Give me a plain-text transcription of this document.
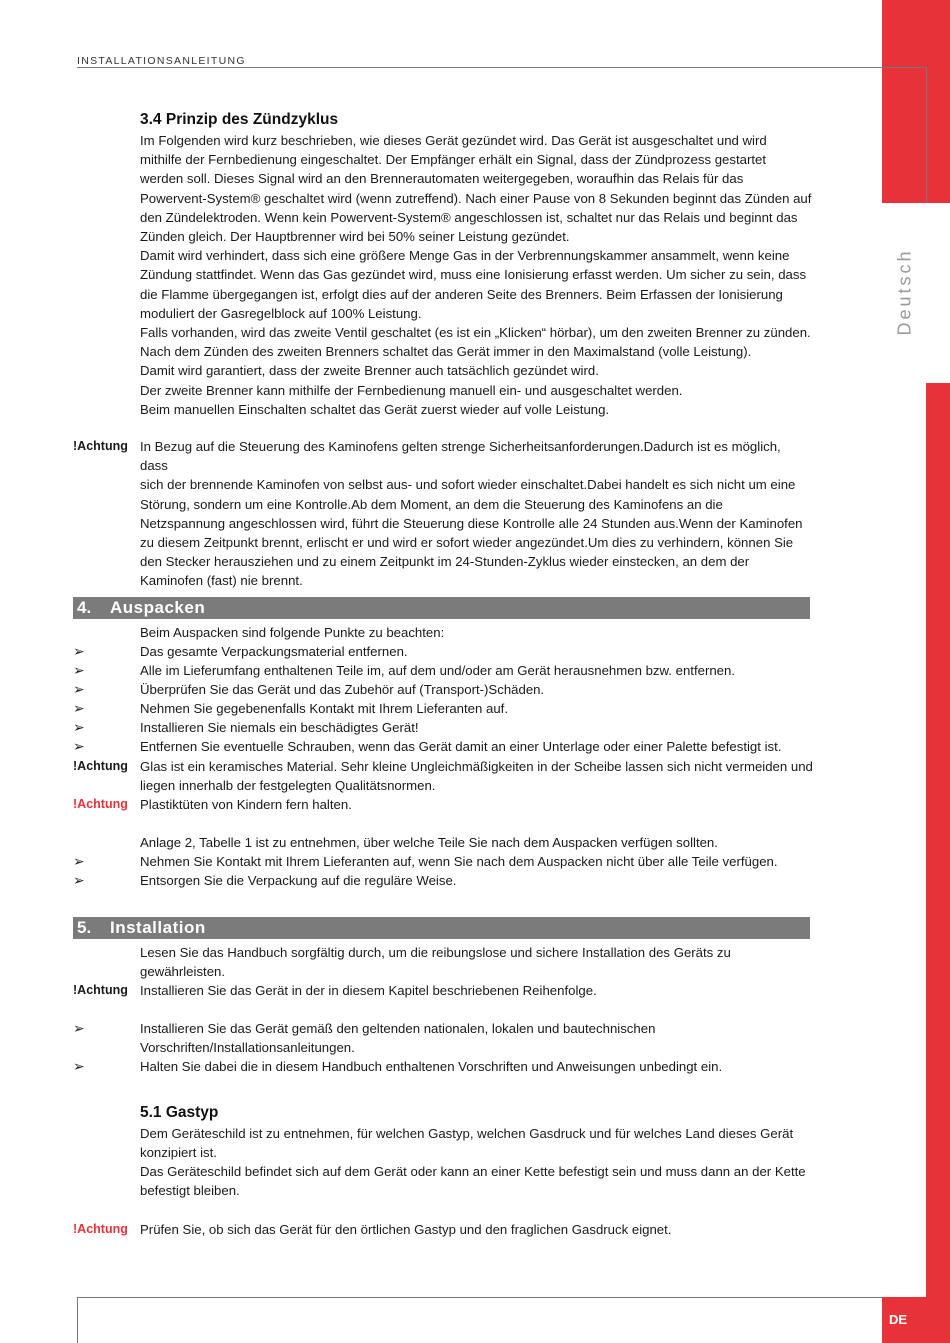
Deutsch
INSTALLATIONSANLEITUNG
3.4 Prinzip des Zündzyklus
Im Folgenden wird kurz beschrieben, wie dieses Gerät gezündet wird. Das Gerät ist ausgeschaltet und wird
mithilfe der Fernbedienung eingeschaltet. Der Empfänger erhält ein Signal, dass der Zündprozess gestartet
werden soll. Dieses Signal wird an den Brennerautomaten weitergegeben, woraufhin das Relais für das
Powervent-System® geschaltet wird (wenn zutreffend). Nach einer Pause von 8 Sekunden beginnt das Zünden auf
den Zündelektroden. Wenn kein Powervent-System® angeschlossen ist, schaltet nur das Relais und beginnt das
Zünden gleich. Der Hauptbrenner wird bei 50% seiner Leistung gezündet.
Damit wird verhindert, dass sich eine größere Menge Gas in der Verbrennungskammer ansammelt, wenn keine
Zündung stattfindet. Wenn das Gas gezündet wird, muss eine Ionisierung erfasst werden. Um sicher zu sein, dass
die Flamme übergegangen ist, erfolgt dies auf der anderen Seite des Brenners. Beim Erfassen der Ionisierung
moduliert der Gasregelblock auf 100% Leistung.
Falls vorhanden, wird das zweite Ventil geschaltet (es ist ein „Klicken“ hörbar), um den zweiten Brenner zu zünden.
Nach dem Zünden des zweiten Brenners schaltet das Gerät immer in den Maximalstand (volle Leistung).
Damit wird garantiert, dass der zweite Brenner auch tatsächlich gezündet wird.
Der zweite Brenner kann mithilfe der Fernbedienung manuell ein- und ausgeschaltet werden.
Beim manuellen Einschalten schaltet das Gerät zuerst wieder auf volle Leistung.
!Achtung In Bezug auf die Steuerung des Kaminofens gelten strenge Sicherheitsanforderungen.Dadurch ist es möglich, dass
sich der brennende Kaminofen von selbst aus- und sofort wieder einschaltet.Dabei handelt es sich nicht um eine
Störung, sondern um eine Kontrolle.Ab dem Moment, an dem die Steuerung des Kaminofens an die
Netzspannung angeschlossen wird, führt die Steuerung diese Kontrolle alle 24 Stunden aus.Wenn der Kaminofen
zu diesem Zeitpunkt brennt, erlischt er und wird er sofort wieder angezündet.Um dies zu verhindern, können Sie
den Stecker herausziehen und zu einem Zeitpunkt im 24-Stunden-Zyklus wieder einstecken, an dem der
Kaminofen (fast) nie brennt.
4. Auspacken
Beim Auspacken sind folgende Punkte zu beachten:
➢	Das gesamte Verpackungsmaterial entfernen.
➢	Alle im Lieferumfang enthaltenen Teile im, auf dem und/oder am Gerät herausnehmen bzw. entfernen.
➢	Überprüfen Sie das Gerät und das Zubehör auf (Transport-)Schäden.
➢	Nehmen Sie gegebenenfalls Kontakt mit Ihrem Lieferanten auf.
➢	Installieren Sie niemals ein beschädigtes Gerät!
➢	Entfernen Sie eventuelle Schrauben, wenn das Gerät damit an einer Unterlage oder einer Palette befestigt ist.
!Achtung Glas ist ein keramisches Material. Sehr kleine Ungleichmäßigkeiten in der Scheibe lassen sich nicht vermeiden und
liegen innerhalb der festgelegten Qualitätsnormen.
!Achtung Plastiktüten von Kindern fern halten.
Anlage 2, Tabelle 1 ist zu entnehmen, über welche Teile Sie nach dem Auspacken verfügen sollten.
➢	Nehmen Sie Kontakt mit Ihrem Lieferanten auf, wenn Sie nach dem Auspacken nicht über alle Teile verfügen.
➢	Entsorgen Sie die Verpackung auf die reguläre Weise.
5. Installation
Lesen Sie das Handbuch sorgfältig durch, um die reibungslose und sichere Installation des Geräts zu
gewährleisten.
!Achtung Installieren Sie das Gerät in der in diesem Kapitel beschriebenen Reihenfolge.
➢	Installieren Sie das Gerät gemäß den geltenden nationalen, lokalen und bautechnischen
Vorschriften/Installationsanleitungen.
➢	Halten Sie dabei die in diesem Handbuch enthaltenen Vorschriften und Anweisungen unbedingt ein.
5.1 Gastyp
Dem Geräteschild ist zu entnehmen, für welchen Gastyp, welchen Gasdruck und für welches Land dieses Gerät
konzipiert ist.
Das Geräteschild befindet sich auf dem Gerät oder kann an einer Kette befestigt sein und muss dann an der Kette
befestigt bleiben.
!Achtung Prüfen Sie, ob sich das Gerät für den örtlichen Gastyp und den fraglichen Gasdruck eignet.
DE
